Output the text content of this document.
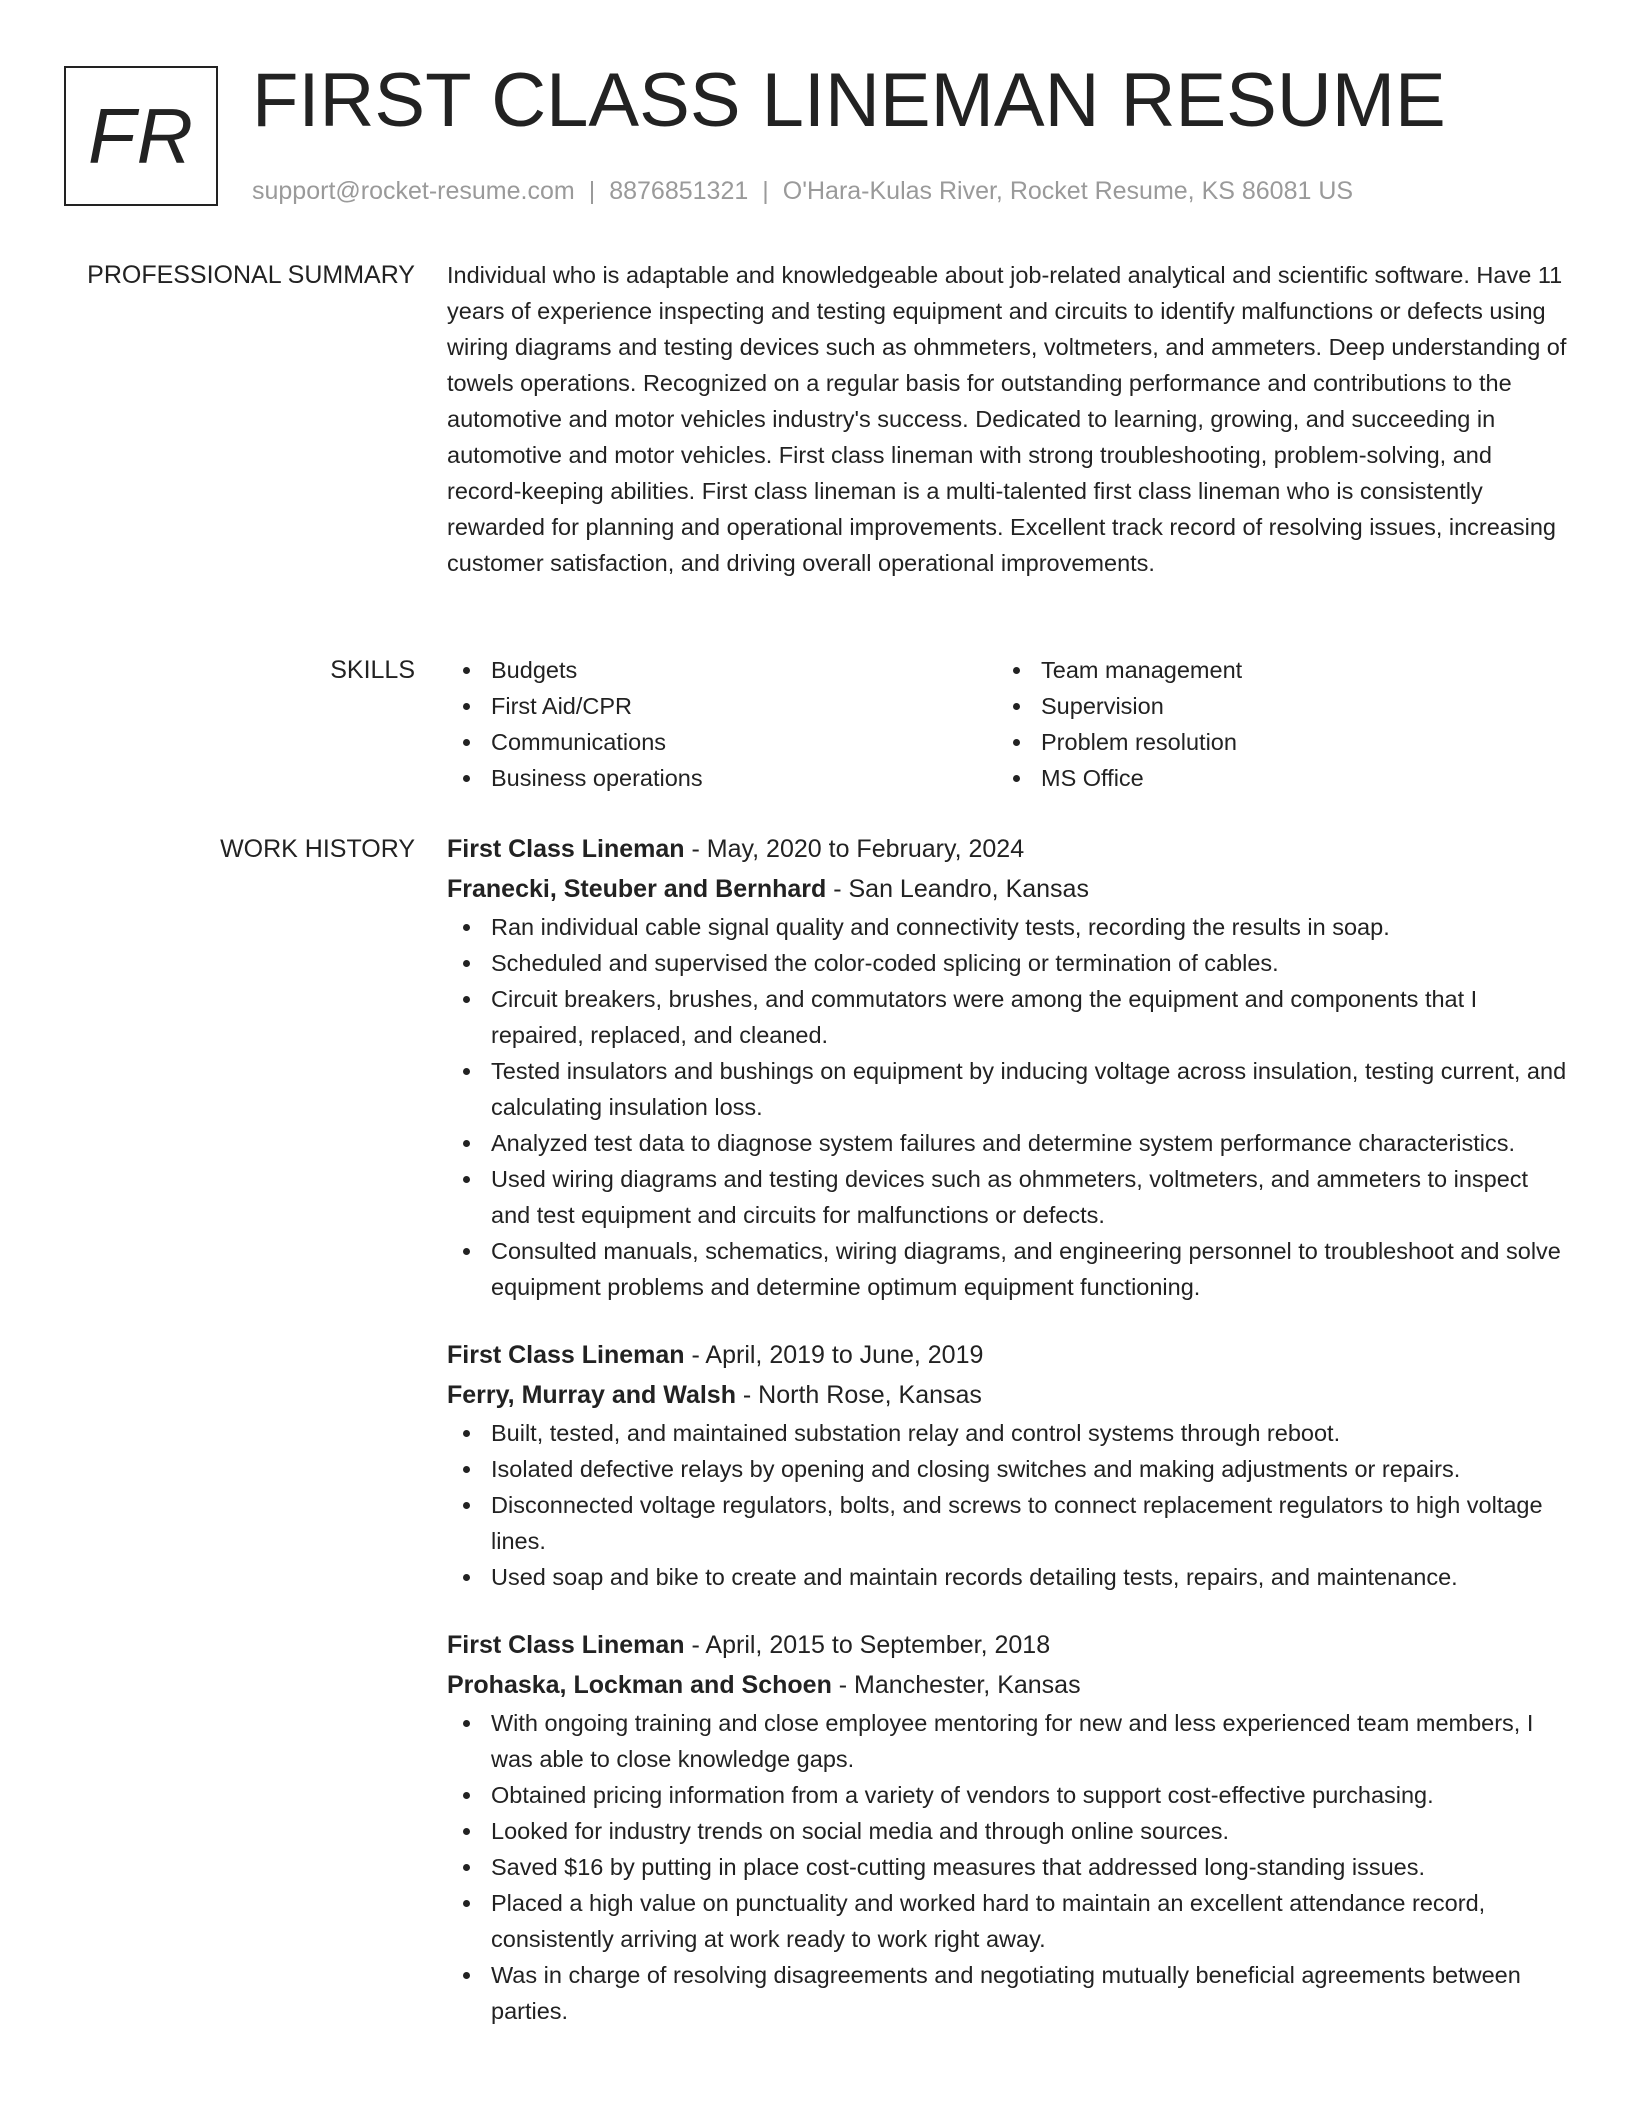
FR FIRST CLASS LINEMAN RESUME
support@rocket-resume.com | 8876851321 | O'Hara-Kulas River, Rocket Resume, KS 86081 US
PROFESSIONAL SUMMARY Individual who is adaptable and knowledgeable about job-related analytical and scientific software. Have 11 years of experience inspecting and testing equipment and circuits to identify malfunctions or defects using wiring diagrams and testing devices such as ohmmeters, voltmeters, and ammeters. Deep understanding of towels operations. Recognized on a regular basis for outstanding performance and contributions to the automotive and motor vehicles industry's success. Dedicated to learning, growing, and succeeding in automotive and motor vehicles. First class lineman with strong troubleshooting, problem-solving, and record-keeping abilities. First class lineman is a multi-talented first class lineman who is consistently rewarded for planning and operational improvements. Excellent track record of resolving issues, increasing customer satisfaction, and driving overall operational improvements.

SKILLS	Budgets
First Aid/CPR
Communications
Business operations
Team management
Supervision
Problem resolution
MS Office
WORK HISTORY First Class Lineman - May, 2020 to February, 2024
Franecki, Steuber and Bernhard - San Leandro, Kansas
Ran individual cable signal quality and connectivity tests, recording the results in soap.
Scheduled and supervised the color-coded splicing or termination of cables.
Circuit breakers, brushes, and commutators were among the equipment and components that I repaired, replaced, and cleaned.
Tested insulators and bushings on equipment by inducing voltage across insulation, testing current, and calculating insulation loss.
Analyzed test data to diagnose system failures and determine system performance characteristics.
Used wiring diagrams and testing devices such as ohmmeters, voltmeters, and ammeters to inspect and test equipment and circuits for malfunctions or defects.
Consulted manuals, schematics, wiring diagrams, and engineering personnel to troubleshoot and solve equipment problems and determine optimum equipment functioning.
First Class Lineman - April, 2019 to June, 2019
Ferry, Murray and Walsh - North Rose, Kansas
Built, tested, and maintained substation relay and control systems through reboot.
Isolated defective relays by opening and closing switches and making adjustments or repairs.
Disconnected voltage regulators, bolts, and screws to connect replacement regulators to high voltage lines.
Used soap and bike to create and maintain records detailing tests, repairs, and maintenance.
First Class Lineman - April, 2015 to September, 2018
Prohaska, Lockman and Schoen - Manchester, Kansas
With ongoing training and close employee mentoring for new and less experienced team members, I was able to close knowledge gaps.
Obtained pricing information from a variety of vendors to support cost-effective purchasing.
Looked for industry trends on social media and through online sources.
Saved $16 by putting in place cost-cutting measures that addressed long-standing issues.
Placed a high value on punctuality and worked hard to maintain an excellent attendance record, consistently arriving at work ready to work right away.
Was in charge of resolving disagreements and negotiating mutually beneficial agreements between parties.
